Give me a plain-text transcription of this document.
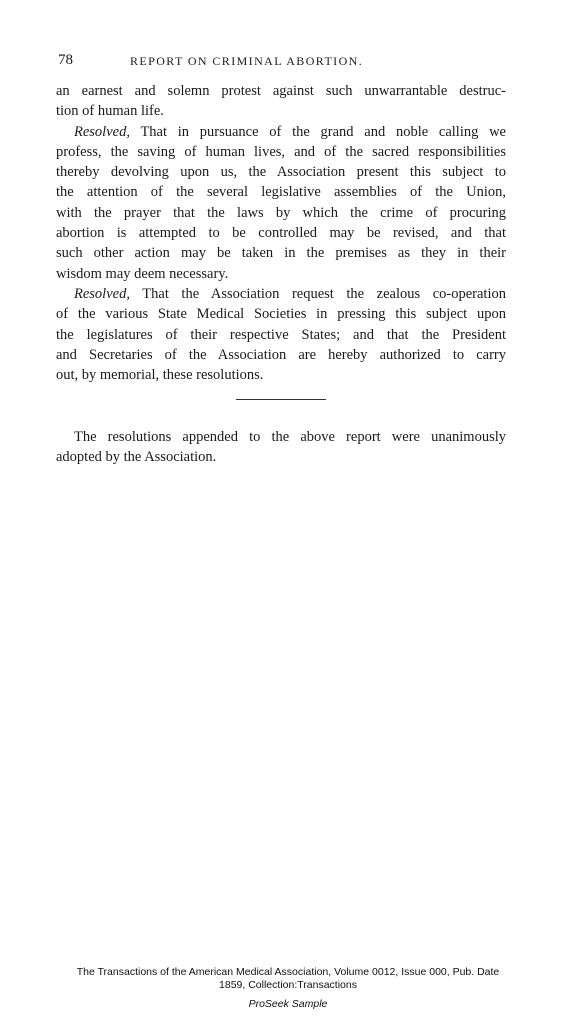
78	REPORT ON CRIMINAL ABORTION.
an earnest and solemn protest against such unwarrantable destruc-
tion of human life.
Resolved, That in pursuance of the grand and noble calling we
profess, the saving of human lives, and of the sacred responsibilities
thereby devolving upon us, the Association present this subject to
the attention of the several legislative assemblies of the Union,
with the prayer that the laws by which the crime of procuring
abortion is attempted to be controlled may be revised, and that
such other action may be taken in the premises as they in their
wisdom may deem necessary.
Resolved, That the Association request the zealous co-operation
of the various State Medical Societies in pressing this subject upon
the legislatures of their respective States; and that the President
and Secretaries of the Association are hereby authorized to carry
out, by memorial, these resolutions.
The resolutions appended to the above report were unanimously
adopted by the Association.
The Transactions of the American Medical Association, Volume 0012, Issue 000, Pub. Date
1859, Collection:Transactions
ProSeek Sample
